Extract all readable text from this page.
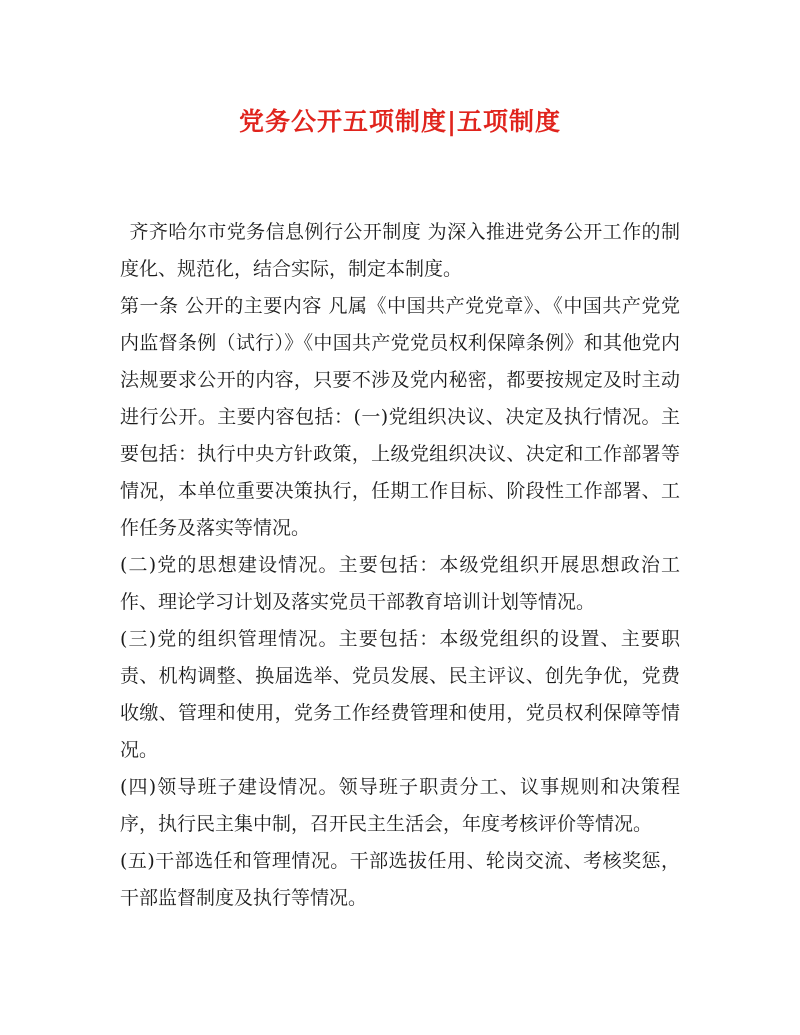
党务公开五项制度|五项制度

齐齐哈尔市党务信息例行公开制度 为深入推进党务公开工作的制度化、规范化，结合实际，制定本制度。

第一条 公开的主要内容 凡属《中国共产党党章》、《中国共产党党内监督条例（试行）》《中国共产党党员权利保障条例》和其他党内法规要求公开的内容，只要不涉及党内秘密，都要按规定及时主动进行公开。主要内容包括：(一)党组织决议、决定及执行情况。主要包括：执行中央方针政策，上级党组织决议、决定和工作部署等情况，本单位重要决策执行，任期工作目标、阶段性工作部署、工作任务及落实等情况。

(二)党的思想建设情况。主要包括：本级党组织开展思想政治工作、理论学习计划及落实党员干部教育培训计划等情况。

(三)党的组织管理情况。主要包括：本级党组织的设置、主要职责、机构调整、换届选举、党员发展、民主评议、创先争优，党费收缴、管理和使用，党务工作经费管理和使用，党员权利保障等情况。

(四)领导班子建设情况。领导班子职责分工、议事规则和决策程序，执行民主集中制，召开民主生活会，年度考核评价等情况。

(五)干部选任和管理情况。干部选拔任用、轮岗交流、考核奖惩，干部监督制度及执行等情况。
